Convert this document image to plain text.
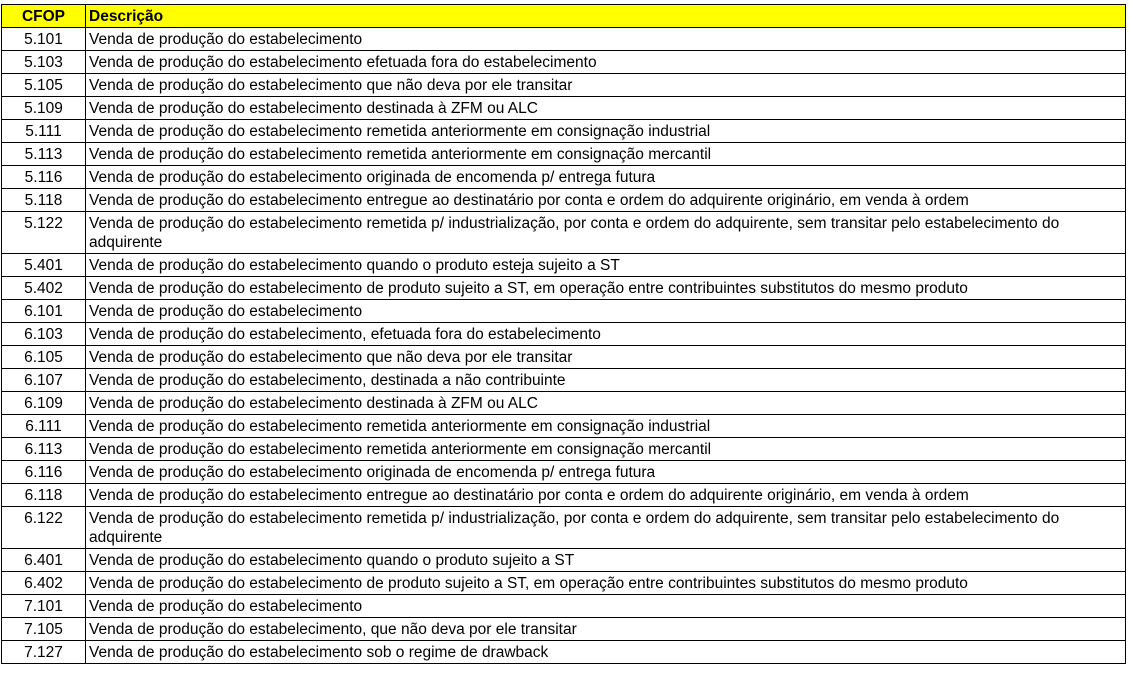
CFOP	Descrição
5.101	Venda de produção do estabelecimento
5.103	Venda de produção do estabelecimento efetuada fora do estabelecimento
5.105	Venda de produção do estabelecimento que não deva por ele transitar
5.109	Venda de produção do estabelecimento destinada à ZFM ou ALC
5.111	Venda de produção do estabelecimento remetida anteriormente em consignação industrial
5.113	Venda de produção do estabelecimento remetida anteriormente em consignação mercantil
5.116	Venda de produção do estabelecimento originada de encomenda p/ entrega futura
5.118	Venda de produção do estabelecimento entregue ao destinatário por conta e ordem do adquirente originário, em venda à ordem
5.122	Venda de produção do estabelecimento remetida p/ industrialização, por conta e ordem do adquirente, sem transitar pelo estabelecimento do adquirente
5.401	Venda de produção do estabelecimento quando o produto esteja sujeito a ST
5.402	Venda de produção do estabelecimento de produto sujeito a ST, em operação entre contribuintes substitutos do mesmo produto
6.101	Venda de produção do estabelecimento
6.103	Venda de produção do estabelecimento, efetuada fora do estabelecimento
6.105	Venda de produção do estabelecimento que não deva por ele transitar
6.107	Venda de produção do estabelecimento, destinada a não contribuinte
6.109	Venda de produção do estabelecimento destinada à ZFM ou ALC
6.111	Venda de produção do estabelecimento remetida anteriormente em consignação industrial
6.113	Venda de produção do estabelecimento remetida anteriormente em consignação mercantil
6.116	Venda de produção do estabelecimento originada de encomenda p/ entrega futura
6.118	Venda de produção do estabelecimento entregue ao destinatário por conta e ordem do adquirente originário, em venda à ordem
6.122	Venda de produção do estabelecimento remetida p/ industrialização, por conta e ordem do adquirente, sem transitar pelo estabelecimento do adquirente
6.401	Venda de produção do estabelecimento quando o produto sujeito a ST
6.402	Venda de produção do estabelecimento de produto sujeito a ST, em operação entre contribuintes substitutos do mesmo produto
7.101	Venda de produção do estabelecimento
7.105	Venda de produção do estabelecimento, que não deva por ele transitar
7.127	Venda de produção do estabelecimento sob o regime de drawback
